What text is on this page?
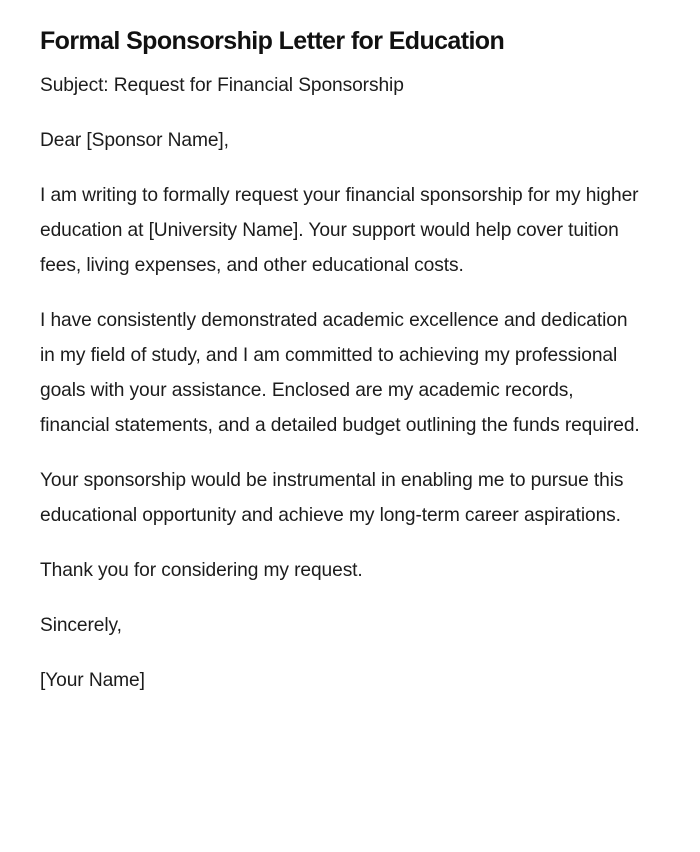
Formal Sponsorship Letter for Education

Subject: Request for Financial Sponsorship

Dear [Sponsor Name],

I am writing to formally request your financial sponsorship for my higher education at [University Name]. Your support would help cover tuition fees, living expenses, and other educational costs.

I have consistently demonstrated academic excellence and dedication in my field of study, and I am committed to achieving my professional goals with your assistance. Enclosed are my academic records, financial statements, and a detailed budget outlining the funds required.

Your sponsorship would be instrumental in enabling me to pursue this educational opportunity and achieve my long-term career aspirations.

Thank you for considering my request.

Sincerely,

[Your Name]
